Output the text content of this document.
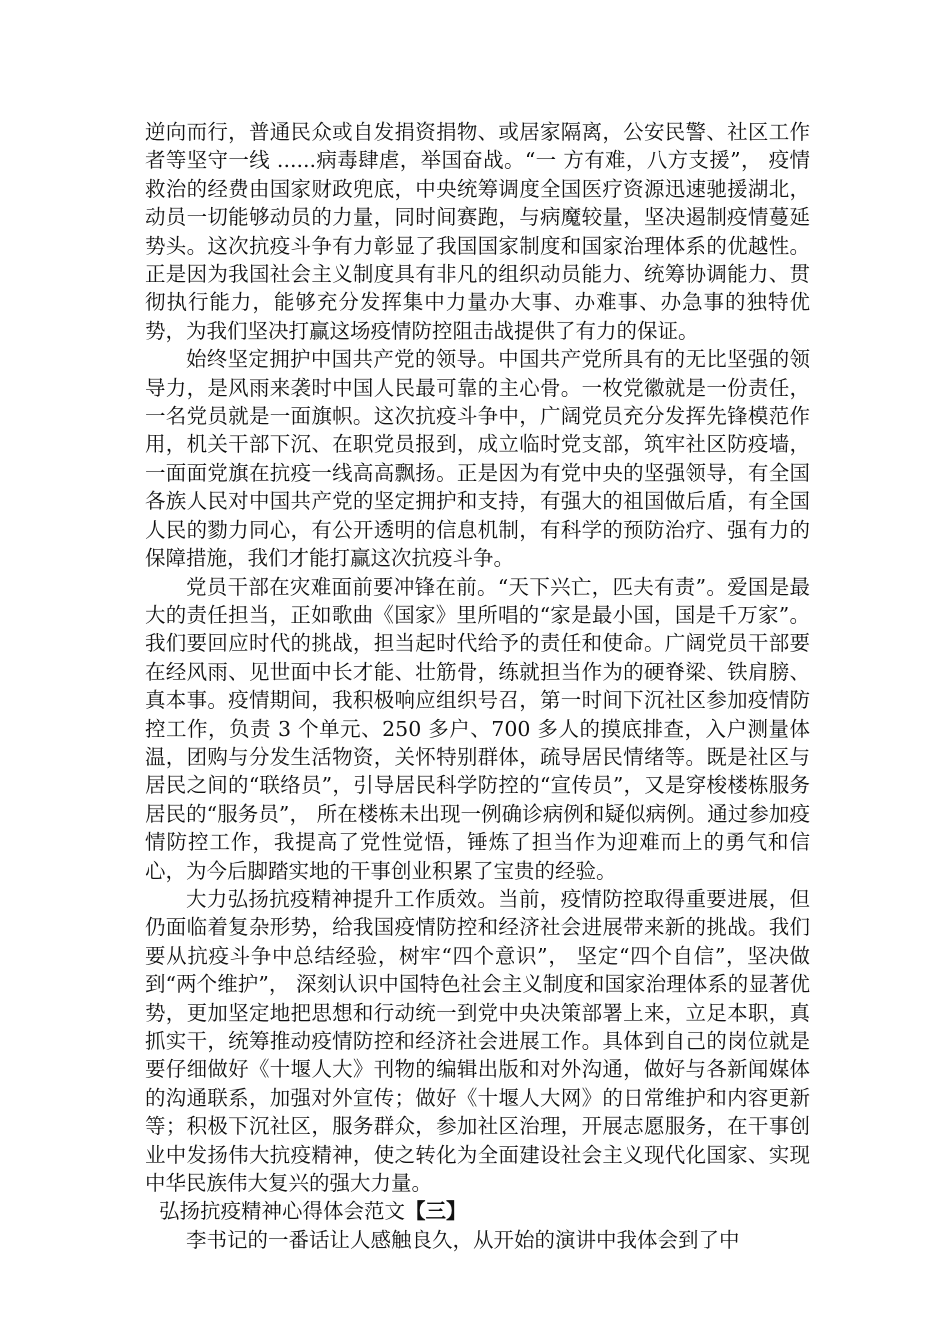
逆向而行，普通民众或自发捐资捐物、或居家隔离，公安民警、社区工作者等坚守一线 ......病毒肆虐，举国奋战。“一 方有难，八方支援”， 疫情救治的经费由国家财政兜底，中央统筹调度全国医疗资源迅速驰援湖北，动员一切能够动员的力量，同时间赛跑，与病魔较量，坚决遏制疫情蔓延势头。这次抗疫斗争有力彰显了我国国家制度和国家治理体系的优越性。正是因为我国社会主义制度具有非凡的组织动员能力、统筹协调能力、贯彻执行能力，能够充分发挥集中力量办大事、办难事、办急事的独特优势，为我们坚决打赢这场疫情防控阻击战提供了有力的保证。

始终坚定拥护中国共产党的领导。中国共产党所具有的无比坚强的领导力，是风雨来袭时中国人民最可靠的主心骨。一枚党徽就是一份责任，一名党员就是一面旗帜。这次抗疫斗争中，广阔党员充分发挥先锋模范作用，机关干部下沉、在职党员报到，成立临时党支部，筑牢社区防疫墙，一面面党旗在抗疫一线高高飘扬。正是因为有党中央的坚强领导，有全国各族人民对中国共产党的坚定拥护和支持，有强大的祖国做后盾，有全国人民的勠力同心，有公开透明的信息机制，有科学的预防治疗、强有力的保障措施，我们才能打赢这次抗疫斗争。

党员干部在灾难面前要冲锋在前。“天下兴亡，匹夫有责”。爱国是最大的责任担当，正如歌曲《国家》里所唱的“家是最小国，国是千万家”。我们要回应时代的挑战，担当起时代给予的责任和使命。广阔党员干部要在经风雨、见世面中长才能、壮筋骨，练就担当作为的硬脊梁、铁肩膀、真本事。疫情期间，我积极响应组织号召，第一时间下沉社区参加疫情防控工作，负责 3 个单元、250 多户、700 多人的摸底排查，入户测量体温，团购与分发生活物资，关怀特别群体，疏导居民情绪等。既是社区与居民之间的“联络员”，引导居民科学防控的“宣传员”，又是穿梭楼栋服务居民的“服务员”， 所在楼栋未出现一例确诊病例和疑似病例。通过参加疫情防控工作，我提高了党性觉悟，锤炼了担当作为迎难而上的勇气和信心，为今后脚踏实地的干事创业积累了宝贵的经验。

大力弘扬抗疫精神提升工作质效。当前，疫情防控取得重要进展，但仍面临着复杂形势，给我国疫情防控和经济社会进展带来新的挑战。我们要从抗疫斗争中总结经验，树牢“四个意识”， 坚定“四个自信”，坚决做到“两个维护”， 深刻认识中国特色社会主义制度和国家治理体系的显著优势，更加坚定地把思想和行动统一到党中央决策部署上来，立足本职，真抓实干，统筹推动疫情防控和经济社会进展工作。具体到自己的岗位就是要仔细做好《十堰人大》刊物的编辑出版和对外沟通，做好与各新闻媒体的沟通联系，加强对外宣传；做好《十堰人大网》的日常维护和内容更新等；积极下沉社区，服务群众，参加社区治理，开展志愿服务，在干事创业中发扬伟大抗疫精神，使之转化为全面建设社会主义现代化国家、实现中华民族伟大复兴的强大力量。

弘扬抗疫精神心得体会范文【三】

李书记的一番话让人感触良久，从开始的演讲中我体会到了中
